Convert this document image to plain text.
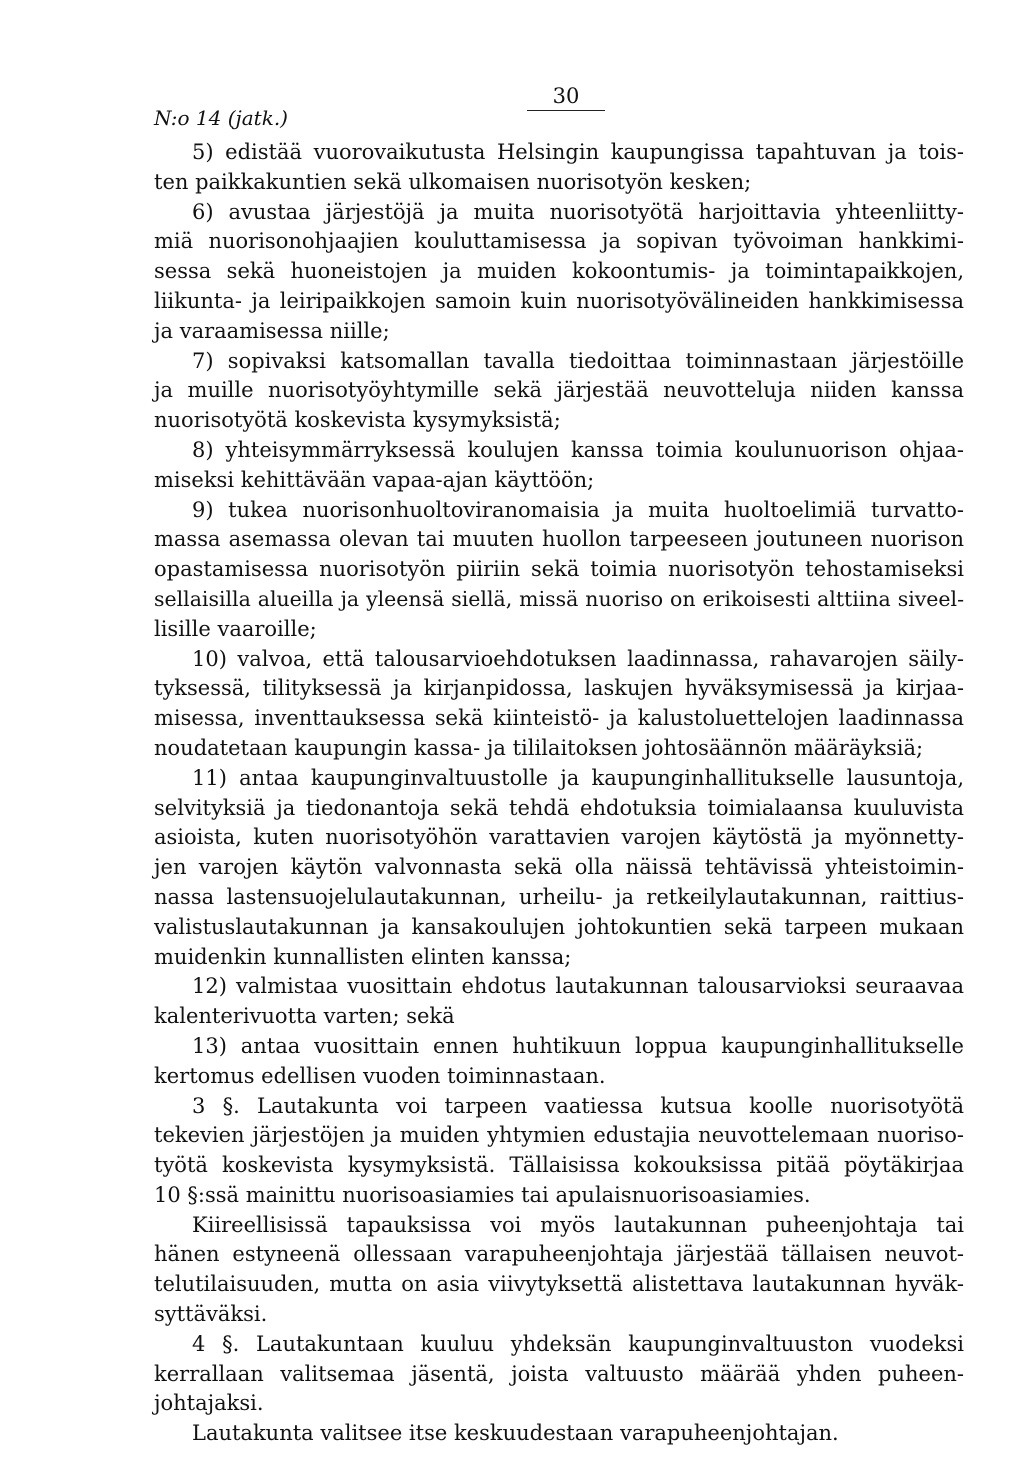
N:o 14 (jatk.)
30
5) edistää vuorovaikutusta Helsingin kaupungissa tapahtuvan ja tois-
ten paikkakuntien sekä ulkomaisen nuorisotyön kesken;
6) avustaa järjestöjä ja muita nuorisotyötä harjoittavia yhteenliitty-
miä nuorisonohjaajien kouluttamisessa ja sopivan työvoiman hankkimi-
sessa sekä huoneistojen ja muiden kokoontumis- ja toimintapaikkojen,
liikunta- ja leiripaikkojen samoin kuin nuorisotyövälineiden hankkimisessa
ja varaamisessa niille;
7) sopivaksi katsomallan tavalla tiedoittaa toiminnastaan järjestöille
ja muille nuorisotyöyhtymille sekä järjestää neuvotteluja niiden kanssa
nuorisotyötä koskevista kysymyksistä;
8) yhteisymmärryksessä koulujen kanssa toimia koulunuorison ohjaa-
miseksi kehittävään vapaa-ajan käyttöön;
9) tukea nuorisonhuoltoviranomaisia ja muita huoltoelimiä turvatto-
massa asemassa olevan tai muuten huollon tarpeeseen joutuneen nuorison
opastamisessa nuorisotyön piiriin sekä toimia nuorisotyön tehostamiseksi
sellaisilla alueilla ja yleensä siellä, missä nuoriso on erikoisesti alttiina siveel-
lisille vaaroille;
10) valvoa, että talousarvioehdotuksen laadinnassa, rahavarojen säily-
tyksessä, tilityksessä ja kirjanpidossa, laskujen hyväksymisessä ja kirjaa-
misessa, inventtauksessa sekä kiinteistö- ja kalustoluettelojen laadinnassa
noudatetaan kaupungin kassa- ja tililaitoksen johtosäännön määräyksiä;
11) antaa kaupunginvaltuustolle ja kaupunginhallitukselle lausuntoja,
selvityksiä ja tiedonantoja sekä tehdä ehdotuksia toimialaansa kuuluvista
asioista, kuten nuorisotyöhön varattavien varojen käytöstä ja myönnetty-
jen varojen käytön valvonnasta sekä olla näissä tehtävissä yhteistoimin-
nassa lastensuojelulautakunnan, urheilu- ja retkeilylautakunnan, raittius-
valistuslautakunnan ja kansakoulujen johtokuntien sekä tarpeen mukaan
muidenkin kunnallisten elinten kanssa;
12) valmistaa vuosittain ehdotus lautakunnan talousarvioksi seuraavaa
kalenterivuotta varten; sekä
13) antaa vuosittain ennen huhtikuun loppua kaupunginhallitukselle
kertomus edellisen vuoden toiminnastaan.
3 §. Lautakunta voi tarpeen vaatiessa kutsua koolle nuorisotyötä
tekevien järjestöjen ja muiden yhtymien edustajia neuvottelemaan nuoriso-
työtä koskevista kysymyksistä. Tällaisissa kokouksissa pitää pöytäkirjaa
10 §:ssä mainittu nuorisoasiamies tai apulaisnuorisoasiamies.
Kiireellisissä tapauksissa voi myös lautakunnan puheenjohtaja tai
hänen estyneenä ollessaan varapuheenjohtaja järjestää tällaisen neuvot-
telutilaisuuden, mutta on asia viivytyksettä alistettava lautakunnan hyväk-
syttäväksi.
4 §. Lautakuntaan kuuluu yhdeksän kaupunginvaltuuston vuodeksi
kerrallaan valitsemaa jäsentä, joista valtuusto määrää yhden puheen-
johtajaksi.
Lautakunta valitsee itse keskuudestaan varapuheenjohtajan.
